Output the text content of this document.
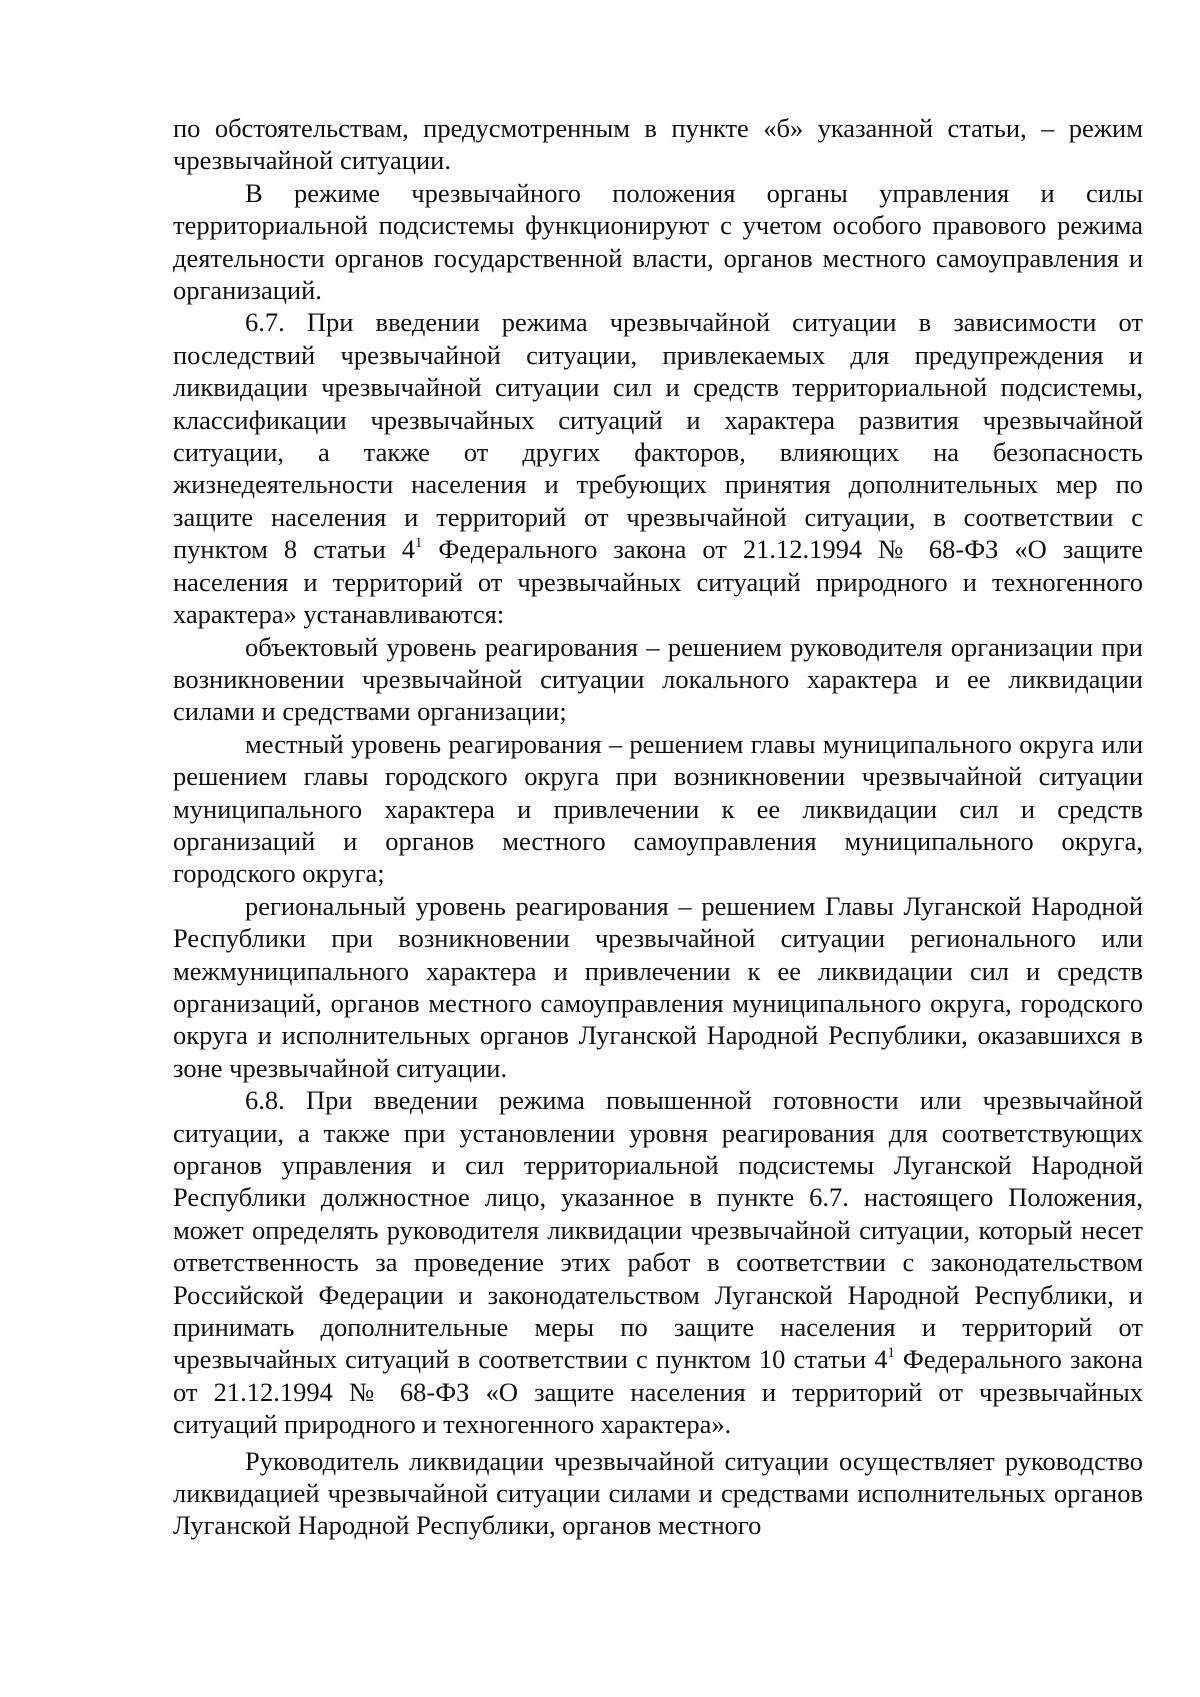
по обстоятельствам, предусмотренным в пункте «б» указанной статьи, – режим чрезвычайной ситуации.

В режиме чрезвычайного положения органы управления и силы территориальной подсистемы функционируют с учетом особого правового режима деятельности органов государственной власти, органов местного самоуправления и организаций.

6.7. При введении режима чрезвычайной ситуации в зависимости от последствий чрезвычайной ситуации, привлекаемых для предупреждения и ликвидации чрезвычайной ситуации сил и средств территориальной подсистемы, классификации чрезвычайных ситуаций и характера развития чрезвычайной ситуации, а также от других факторов, влияющих на безопасность жизнедеятельности населения и требующих принятия дополнительных мер по защите населения и территорий от чрезвычайной ситуации, в соответствии с пунктом 8 статьи $4^1$ Федерального закона от 21.12.1994 № 68-ФЗ «О защите населения и территорий от чрезвычайных ситуаций природного и техногенного характера» устанавливаются:

объектовый уровень реагирования – решением руководителя организации при возникновении чрезвычайной ситуации локального характера и ее ликвидации силами и средствами организации;

местный уровень реагирования – решением главы муниципального округа или решением главы городского округа при возникновении чрезвычайной ситуации муниципального характера и привлечении к ее ликвидации сил и средств организаций и органов местного самоуправления муниципального округа, городского округа;

региональный уровень реагирования – решением Главы Луганской Народной Республики при возникновении чрезвычайной ситуации регионального или межмуниципального характера и привлечении к ее ликвидации сил и средств организаций, органов местного самоуправления муниципального округа, городского округа и исполнительных органов Луганской Народной Республики, оказавшихся в зоне чрезвычайной ситуации.

6.8. При введении режима повышенной готовности или чрезвычайной ситуации, а также при установлении уровня реагирования для соответствующих органов управления и сил территориальной подсистемы Луганской Народной Республики должностное лицо, указанное в пункте 6.7. настоящего Положения, может определять руководителя ликвидации чрезвычайной ситуации, который несет ответственность за проведение этих работ в соответствии с законодательством Российской Федерации и законодательством Луганской Народной Республики, и принимать дополнительные меры по защите населения и территорий от чрезвычайных ситуаций в соответствии с пунктом 10 статьи $4^1$ Федерального закона от 21.12.1994 № 68-ФЗ «О защите населения и территорий от чрезвычайных ситуаций природного и техногенного характера».

Руководитель ликвидации чрезвычайной ситуации осуществляет руководство ликвидацией чрезвычайной ситуации силами и средствами исполнительных органов Луганской Народной Республики, органов местного
